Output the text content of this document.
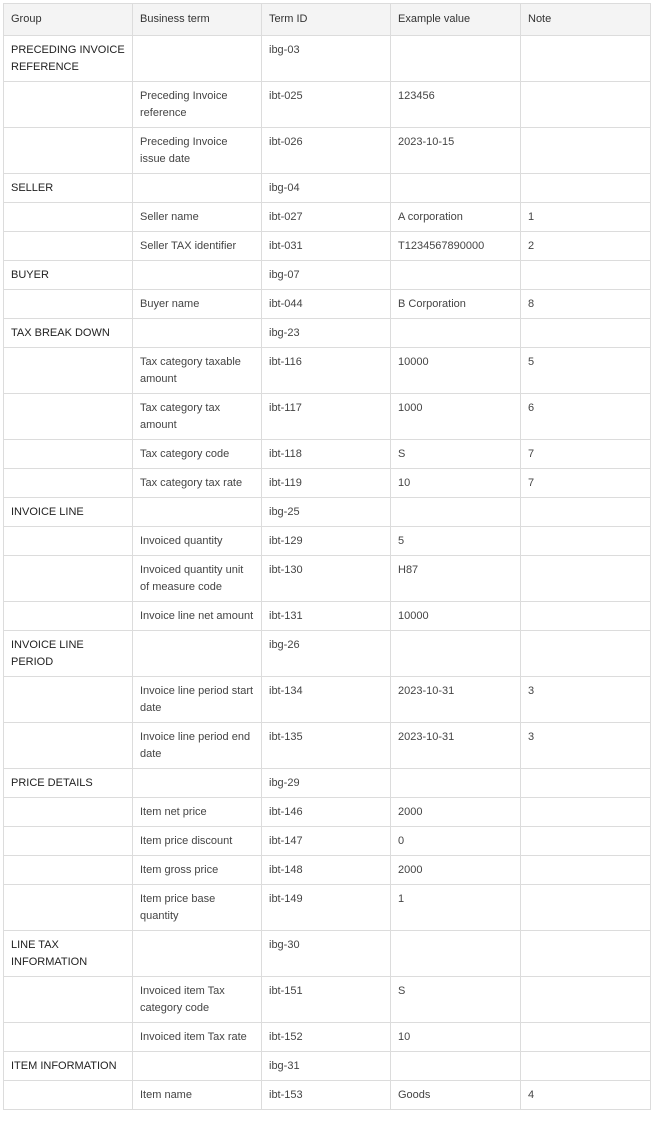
Group	Business term	Term ID	Example value	Note
PRECEDING INVOICE REFERENCE		ibg-03		
	Preceding Invoice reference	ibt-025	123456	
	Preceding Invoice issue date	ibt-026	2023-10-15	
SELLER		ibg-04		
	Seller name	ibt-027	A corporation	1
	Seller TAX identifier	ibt-031	T1234567890000	2
BUYER		ibg-07		
	Buyer name	ibt-044	B Corporation	8
TAX BREAK DOWN		ibg-23		
	Tax category taxable amount	ibt-116	10000	5
	Tax category tax amount	ibt-117	1000	6
	Tax category code	ibt-118	S	7
	Tax category tax rate	ibt-119	10	7
INVOICE LINE		ibg-25		
	Invoiced quantity	ibt-129	5	
	Invoiced quantity unit of measure code	ibt-130	H87	
	Invoice line net amount	ibt-131	10000	
INVOICE LINE PERIOD		ibg-26		
	Invoice line period start date	ibt-134	2023-10-31	3
	Invoice line period end date	ibt-135	2023-10-31	3
PRICE DETAILS		ibg-29		
	Item net price	ibt-146	2000	
	Item price discount	ibt-147	0	
	Item gross price	ibt-148	2000	
	Item price base quantity	ibt-149	1	
LINE TAX INFORMATION		ibg-30		
	Invoiced item Tax category code	ibt-151	S	
	Invoiced item Tax rate	ibt-152	10	
ITEM INFORMATION		ibg-31		
	Item name	ibt-153	Goods	4
